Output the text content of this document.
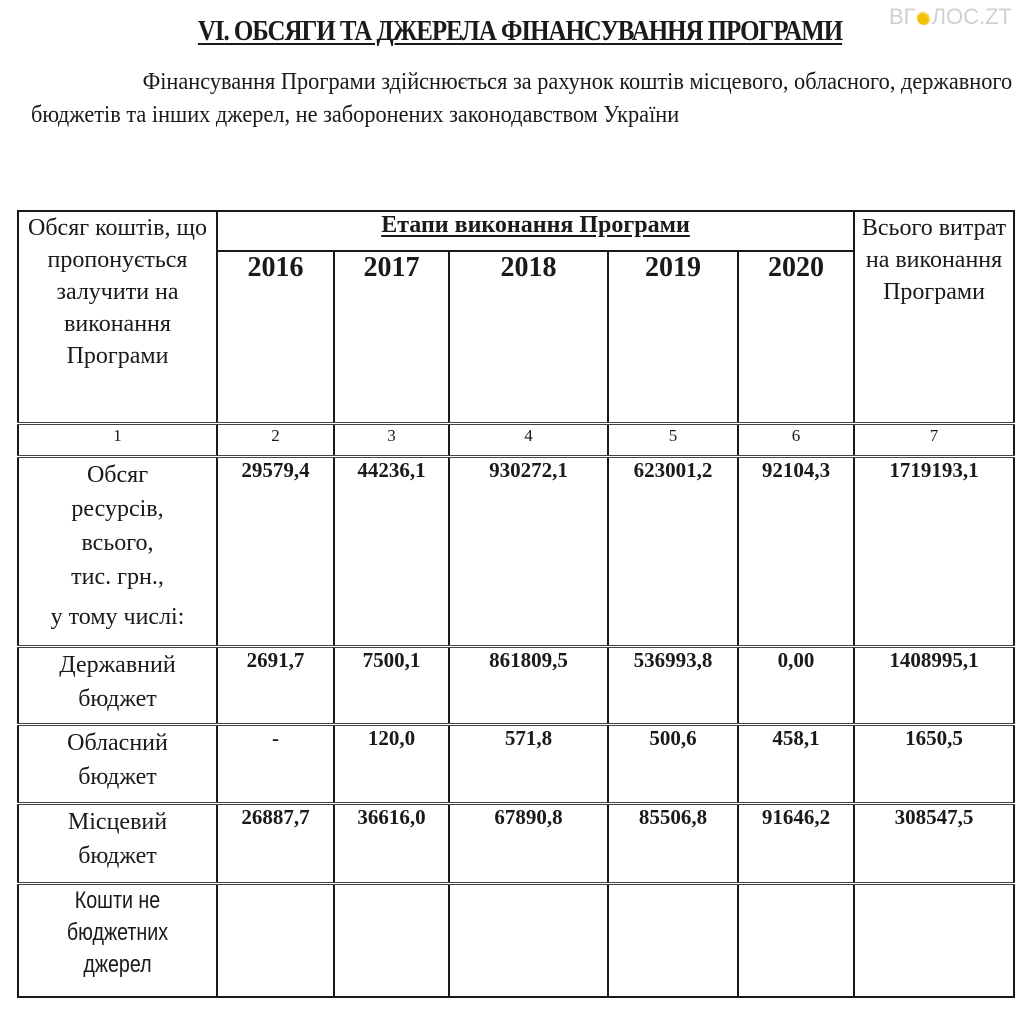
ВГ ЛОС.ZT
VI. ОБСЯГИ ТА ДЖЕРЕЛА ФІНАНСУВАННЯ ПРОГРАМИ
Фінансування Програми здійснюється за рахунок коштів місцевого, обласного, державного бюджетів та інших джерел, не заборонених законодавством України
Обсяг коштів, що пропонується залучити на виконання Програми	Етапи виконання Програми					Всього витрат на виконання Програми
	2016	2017	2018	2019	2020	
1	2	3	4	5	6	7

Обсяг
ресурсів,
всього,
тис. грн.,
у тому числі:	29579,4	44236,1	930272,1	623001,2	92104,3	1719193,1

Державний
бюджет	2691,7	7500,1	861809,5	536993,8	0,00	1408995,1

Обласний
бюджет	-	120,0	571,8	500,6	458,1	1650,5

Місцевий
бюджет	26887,7	36616,0	67890,8	85506,8	91646,2	308547,5

Кошти не
бюджетних
джерел						
